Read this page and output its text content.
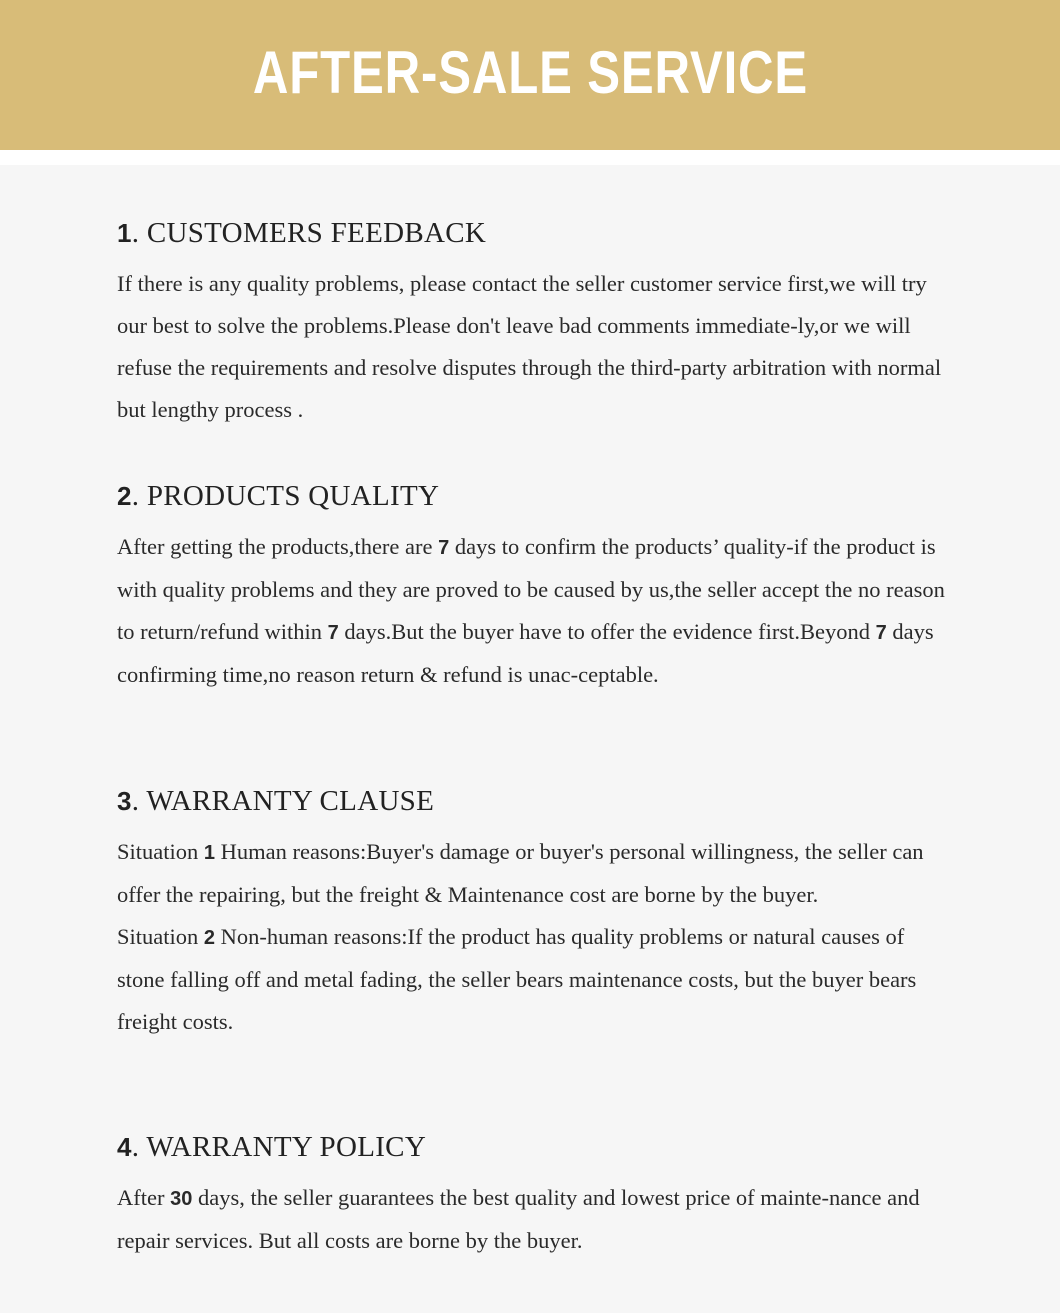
AFTER-SALE SERVICE
1. CUSTOMERS FEEDBACK

If there is any quality problems, please contact the seller customer service first,we will try our best to solve the problems.Please don't leave bad comments immediate-ly,or we will refuse the requirements and resolve disputes through the third-party arbitration with normal but lengthy process .

2. PRODUCTS QUALITY

After getting the products,there are 7 days to confirm the products’ quality-if the product is with quality problems and they are proved to be caused by us,the seller accept the no reason to return/refund within 7 days.But the buyer have to offer the evidence first.Beyond 7 days confirming time,no reason return & refund is unac-ceptable.

3. WARRANTY CLAUSE

Situation 1 Human reasons:Buyer's damage or buyer's personal willingness, the seller can offer the repairing, but the freight & Maintenance cost are borne by the buyer.

Situation 2 Non-human reasons:If the product has quality problems or natural causes of stone falling off and metal fading, the seller bears maintenance costs, but the buyer bears freight costs.

4. WARRANTY POLICY

After 30 days, the seller guarantees the best quality and lowest price of mainte-nance and repair services. But all costs are borne by the buyer.
